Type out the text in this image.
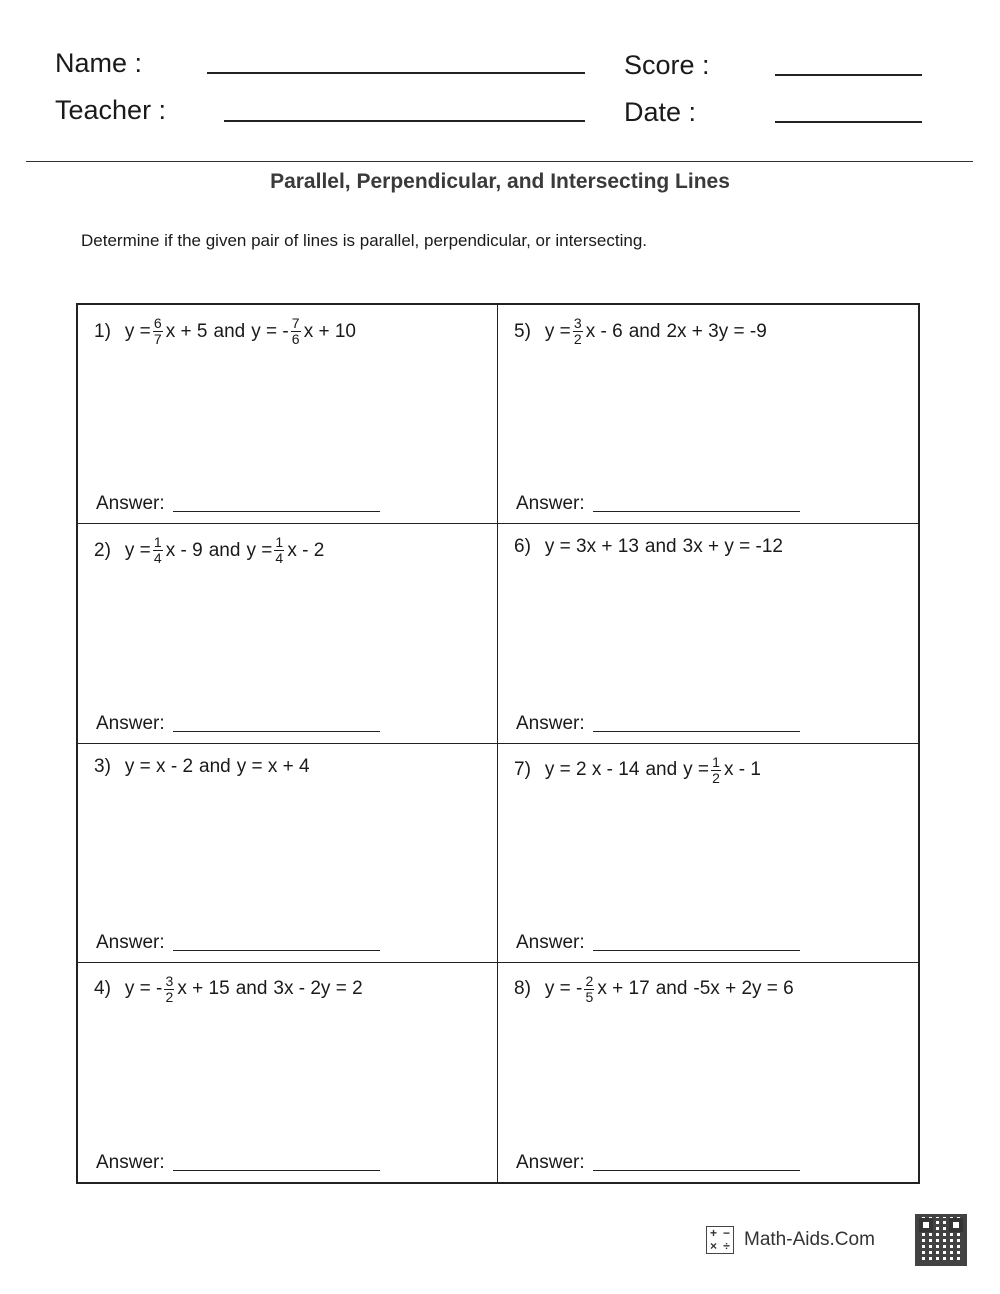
Name :
Teacher :
Score :
Date :
Parallel, Perpendicular, and Intersecting Lines
Determine if the given pair of lines is parallel, perpendicular, or intersecting.
1) $y = \frac{6}{7}$ x + 5 and y = - $\frac{7}{6}$ x + 10
Answer:
5) $y = \frac{3}{2}$ x - 6 and 2x + 3y = -9
Answer:
2) $y = \frac{1}{4}$ x - 9 and $y = \frac{1}{4}$ x - 2
Answer:
6) y = 3x + 13 and 3x + y = -12
Answer:
3) y = x - 2 and y = x + 4
Answer:
7) y = 2 x - 14 and $y = \frac{1}{2}$ x - 1
Answer:
4) y = - $\frac{3}{2}$ x + 15 and 3x - 2y = 2
Answer:
8) y = - $\frac{2}{5}$ x + 17 and -5x + 2y = 6
Answer:
+ −
× ÷ Math-Aids.Com
